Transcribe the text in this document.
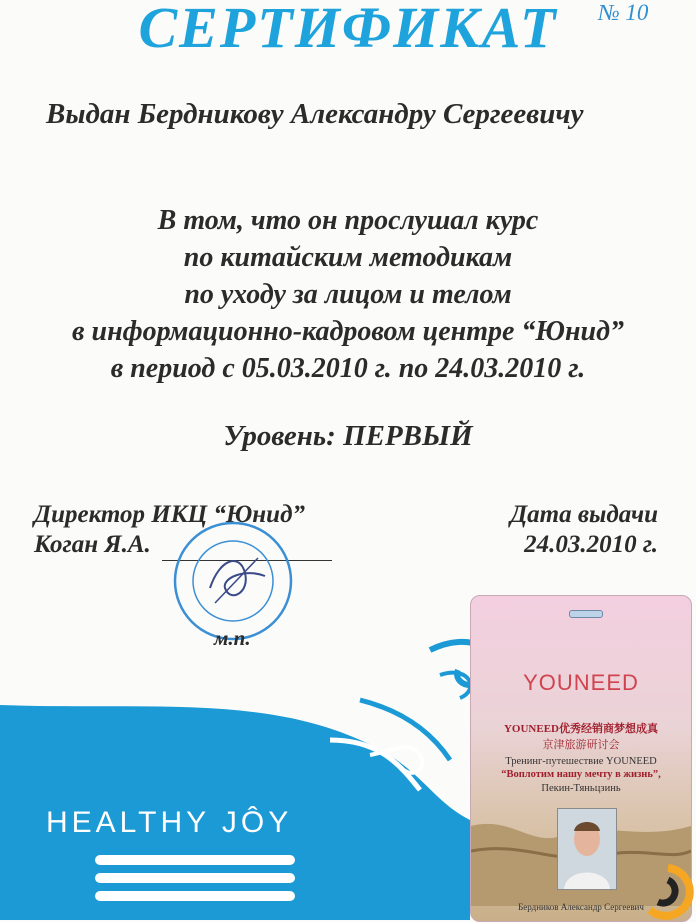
СЕРТИФИКАТ	№ 10
Выдан Бердникову Александру Сергеевичу
В том, что он прослушал курс
по китайским методикам
по уходу за лицом и телом
в информационно-кадровом центре “Юнид”
в период с 05.03.2010 г. по 24.03.2010 г.
Уровень: ПЕРВЫЙ
HEALTHY JÔY
Директор ИКЦ “Юнид”
Коган Я.А.
Дата выдачи
24.03.2010 г.
м.п.
YOUNEED
YOUNEED优秀经销商梦想成真
京津旅游研讨会
Тренинг-путешествие YOUNEED
“Воплотим нашу мечту в жизнь”,
Пекин-Тяньцзинь
Бердников Александр Сергеевич
